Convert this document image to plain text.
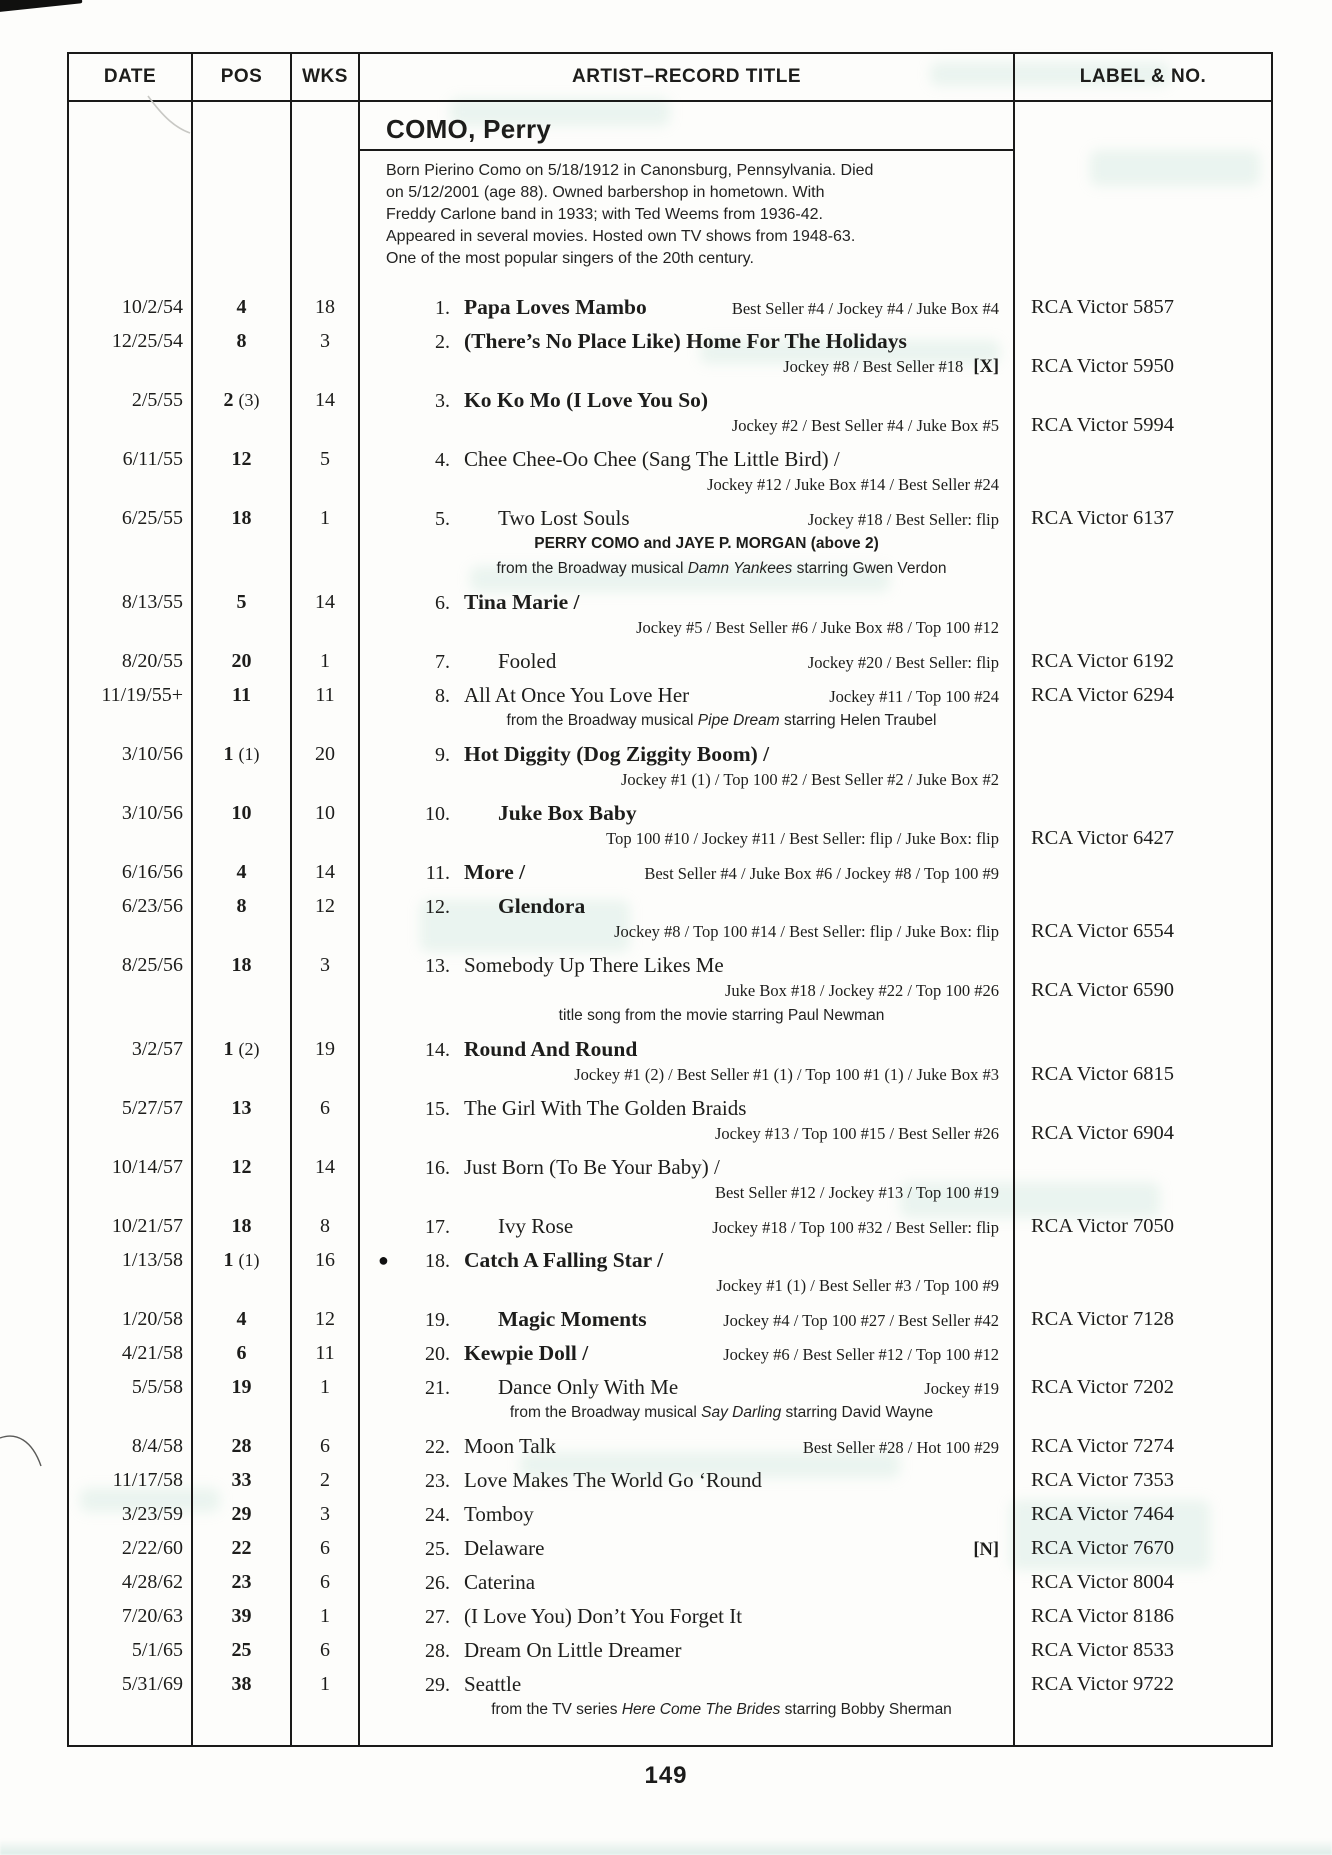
DATE	POS	WKS	ARTIST–RECORD TITLE	LABEL & NO.
COMO, Perry
Born Pierino Como on 5/18/1912 in Canonsburg, Pennsylvania. Died on 5/12/2001 (age 88). Owned barbershop in hometown. With Freddy Carlone band in 1933; with Ted Weems from 1936-42. Appeared in several movies. Hosted own TV shows from 1948-63. One of the most popular singers of the 20th century.
10/2/54	4	18	1. Papa Loves Mambo	Best Seller #4 / Jockey #4 / Juke Box #4	RCA Victor 5857
12/25/54	8	3	2. (There’s No Place Like) Home For The Holidays
Jockey #8 / Best Seller #18 [X]	RCA Victor 5950
2/5/55	2 (3)	14	3. Ko Ko Mo (I Love You So)
Jockey #2 / Best Seller #4 / Juke Box #5	RCA Victor 5994
6/11/55	12	5	4. Chee Chee-Oo Chee (Sang The Little Bird) /
Jockey #12 / Juke Box #14 / Best Seller #24
6/25/55	18	1	5. Two Lost Souls	Jockey #18 / Best Seller: flip
PERRY COMO and JAYE P. MORGAN (above 2)
from the Broadway musical Damn Yankees starring Gwen Verdon
RCA Victor 6137
8/13/55	5	14	6. Tina Marie /
Jockey #5 / Best Seller #6 / Juke Box #8 / Top 100 #12
8/20/55	20	1	7. Fooled	Jockey #20 / Best Seller: flip	RCA Victor 6192
11/19/55+	11	11	8. All At Once You Love Her	Jockey #11 / Top 100 #24
from the Broadway musical Pipe Dream starring Helen Traubel
RCA Victor 6294
3/10/56	1 (1)	20	9. Hot Diggity (Dog Ziggity Boom) /
Jockey #1 (1) / Top 100 #2 / Best Seller #2 / Juke Box #2
3/10/56	10	10	10. Juke Box Baby
Top 100 #10 / Jockey #11 / Best Seller: flip / Juke Box: flip	RCA Victor 6427
6/16/56	4	14	11. More /	Best Seller #4 / Juke Box #6 / Jockey #8 / Top 100 #9
6/23/56	8	12	12. Glendora
Jockey #8 / Top 100 #14 / Best Seller: flip / Juke Box: flip	RCA Victor 6554
8/25/56	18	3	13. Somebody Up There Likes Me
Juke Box #18 / Jockey #22 / Top 100 #26
title song from the movie starring Paul Newman
RCA Victor 6590
3/2/57	1 (2)	19	14. Round And Round
Jockey #1 (2) / Best Seller #1 (1) / Top 100 #1 (1) / Juke Box #3	RCA Victor 6815
5/27/57	13	6	15. The Girl With The Golden Braids
Jockey #13 / Top 100 #15 / Best Seller #26	RCA Victor 6904
10/14/57	12	14	16. Just Born (To Be Your Baby) /
Best Seller #12 / Jockey #13 / Top 100 #19
10/21/57	18	8	17. Ivy Rose	Jockey #18 / Top 100 #32 / Best Seller: flip	RCA Victor 7050
1/13/58	1 (1)	16	●	18. Catch A Falling Star /
Jockey #1 (1) / Best Seller #3 / Top 100 #9
1/20/58	4	12	19. Magic Moments	Jockey #4 / Top 100 #27 / Best Seller #42	RCA Victor 7128
4/21/58	6	11	20. Kewpie Doll /	Jockey #6 / Best Seller #12 / Top 100 #12
5/5/58	19	1	21. Dance Only With Me	Jockey #19
from the Broadway musical Say Darling starring David Wayne
RCA Victor 7202
8/4/58	28	6	22. Moon Talk	Best Seller #28 / Hot 100 #29	RCA Victor 7274
11/17/58	33	2	23. Love Makes The World Go ‘Round	RCA Victor 7353
3/23/59	29	3	24. Tomboy	RCA Victor 7464
2/22/60	22	6	25. Delaware	[N]	RCA Victor 7670
4/28/62	23	6	26. Caterina	RCA Victor 8004
7/20/63	39	1	27. (I Love You) Don’t You Forget It	RCA Victor 8186
5/1/65	25	6	28. Dream On Little Dreamer	RCA Victor 8533
5/31/69	38	1	29. Seattle
from the TV series Here Come The Brides starring Bobby Sherman
RCA Victor 9722
149
